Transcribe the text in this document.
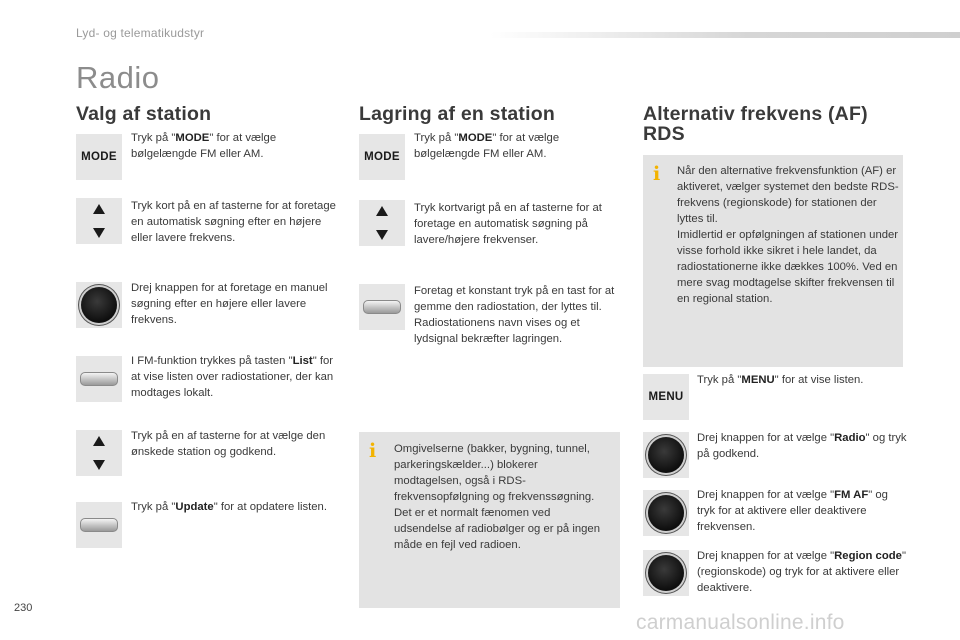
Lyd- og telematikudstyr
Radio
Valg af station
MODE
Tryk på "MODE" for at vælge bølgelængde FM eller AM.
Tryk kort på en af tasterne for at foretage en automatisk søgning efter en højere eller lavere frekvens.
Drej knappen for at foretage en manuel søgning efter en højere eller lavere frekvens.
I FM-funktion trykkes på tasten "List" for at vise listen over radiostationer, der kan modtages lokalt.
Tryk på en af tasterne for at vælge den ønskede station og godkend.
Tryk på "Update" for at opdatere listen.
Lagring af en station
MODE
Tryk på "MODE" for at vælge bølgelængde FM eller AM.
Tryk kortvarigt på en af tasterne for at foretage en automatisk søgning på lavere/højere frekvenser.
Foretag et konstant tryk på en tast for at gemme den radiostation, der lyttes til. Radiostationens navn vises og et lydsignal bekræfter lagringen.
i Omgivelserne (bakker, bygning, tunnel, parkeringskælder...) blokerer modtagelsen, også i RDS-frekvensopfølgning og frekvenssøgning.
Det er et normalt fænomen ved udsendelse af radiobølger og er på ingen måde en fejl ved radioen.
Alternativ frekvens (AF)
RDS
i Når den alternative frekvensfunktion (AF) er aktiveret, vælger systemet den bedste RDS-frekvens (regionskode) for stationen der lyttes til.
Imidlertid er opfølgningen af stationen under visse forhold ikke sikret i hele landet, da radiostationerne ikke dækkes 100%. Ved en mere svag modtagelse skifter frekvensen til en regional station.
MENU
Tryk på "MENU" for at vise listen.
Drej knappen for at vælge "Radio" og tryk på godkend.
Drej knappen for at vælge "FM AF" og tryk for at aktivere eller deaktivere frekvensen.
Drej knappen for at vælge "Region code" (regionskode) og tryk for at aktivere eller deaktivere.
230
carmanualsonline.info
